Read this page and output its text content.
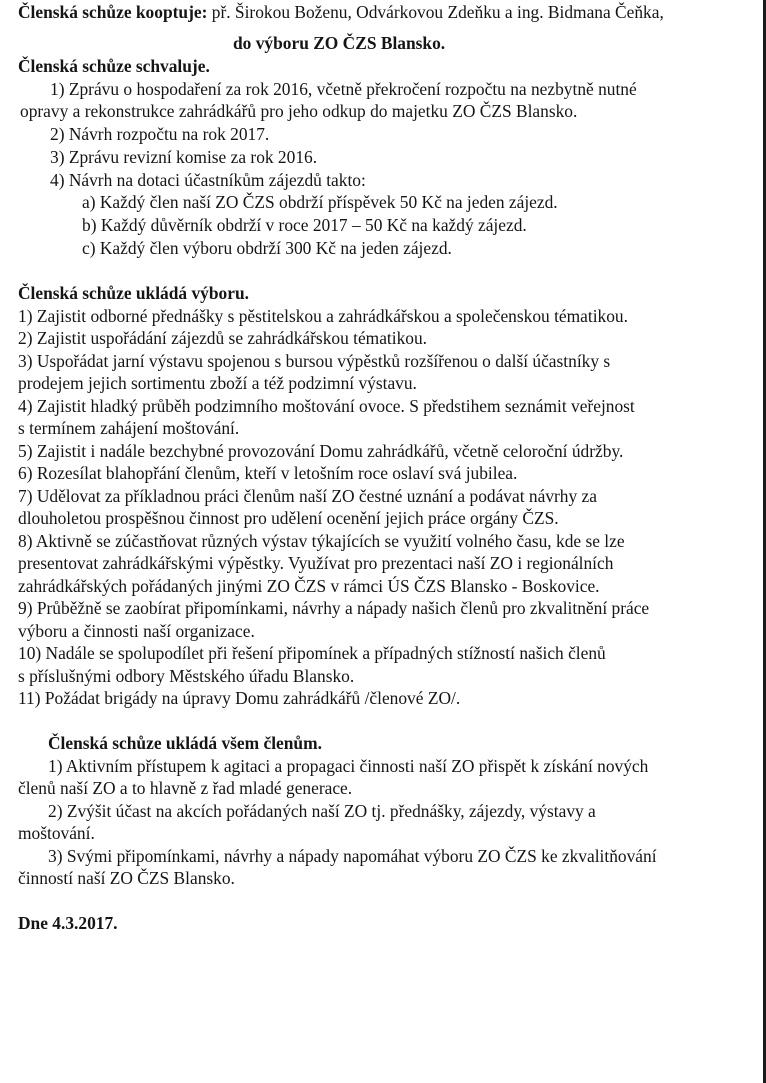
Členská schůze kooptuje: př. Širokou Boženu, Odvárkovou Zdeňku a ing. Bidmana Čeňka,
do výboru ZO ČZS Blansko.
Členská schůze schvaluje.
1) Zprávu o hospodaření za rok 2016, včetně překročení rozpočtu na nezbytně nutné
opravy a rekonstrukce zahrádkářů pro jeho odkup do majetku ZO ČZS Blansko.
2) Návrh rozpočtu na rok 2017.
3) Zprávu revizní komise za rok 2016.
4) Návrh na dotaci účastníkům zájezdů takto:
a) Každý člen naší ZO ČZS obdrží příspěvek 50 Kč na jeden zájezd.
b) Každý důvěrník obdrží v roce 2017 – 50 Kč na každý zájezd.
c) Každý člen výboru obdrží 300 Kč na jeden zájezd.
Členská schůze ukládá výboru.
1) Zajistit odborné přednášky s pěstitelskou a zahrádkářskou a společenskou tématikou.
2) Zajistit uspořádání zájezdů se zahrádkářskou tématikou.
3) Uspořádat jarní výstavu spojenou s bursou výpěstků rozšířenou o další účastníky s
prodejem jejich sortimentu zboží a též podzimní výstavu.
4) Zajistit hladký průběh podzimního moštování ovoce. S předstihem seznámit veřejnost
s termínem zahájení moštování.
5) Zajistit i nadále bezchybné provozování Domu zahrádkářů, včetně celoroční údržby.
6) Rozesílat blahopřání členům, kteří v letošním roce oslaví svá jubilea.
7) Udělovat za příkladnou práci členům naší ZO čestné uznání a podávat návrhy za
dlouholetou prospěšnou činnost pro udělení ocenění jejich práce orgány ČZS.
8) Aktivně se zúčastňovat různých výstav týkajících se využití volného času, kde se lze
presentovat zahrádkářskými výpěstky. Využívat pro prezentaci naší ZO i regionálních
zahrádkářských pořádaných jinými ZO ČZS v rámci ÚS ČZS Blansko - Boskovice.
9) Průběžně se zaobírat připomínkami, návrhy a nápady našich členů pro zkvalitnění práce
výboru a činnosti naší organizace.
10) Nadále se spolupodílet při řešení připomínek a případných stížností našich členů
s příslušnými odbory Městského úřadu Blansko.
11) Požádat brigády na úpravy Domu zahrádkářů /členové ZO/.
Členská schůze ukládá všem členům.
1) Aktivním přístupem k agitaci a propagaci činnosti naší ZO přispět k získání nových
členů naší ZO a to hlavně z řad mladé generace.
2) Zvýšit účast na akcích pořádaných naší ZO tj. přednášky, zájezdy, výstavy a
moštování.
3) Svými připomínkami, návrhy a nápady napomáhat výboru ZO ČZS ke zkvalitňování
činností naší ZO ČZS Blansko.
Dne 4.3.2017.
